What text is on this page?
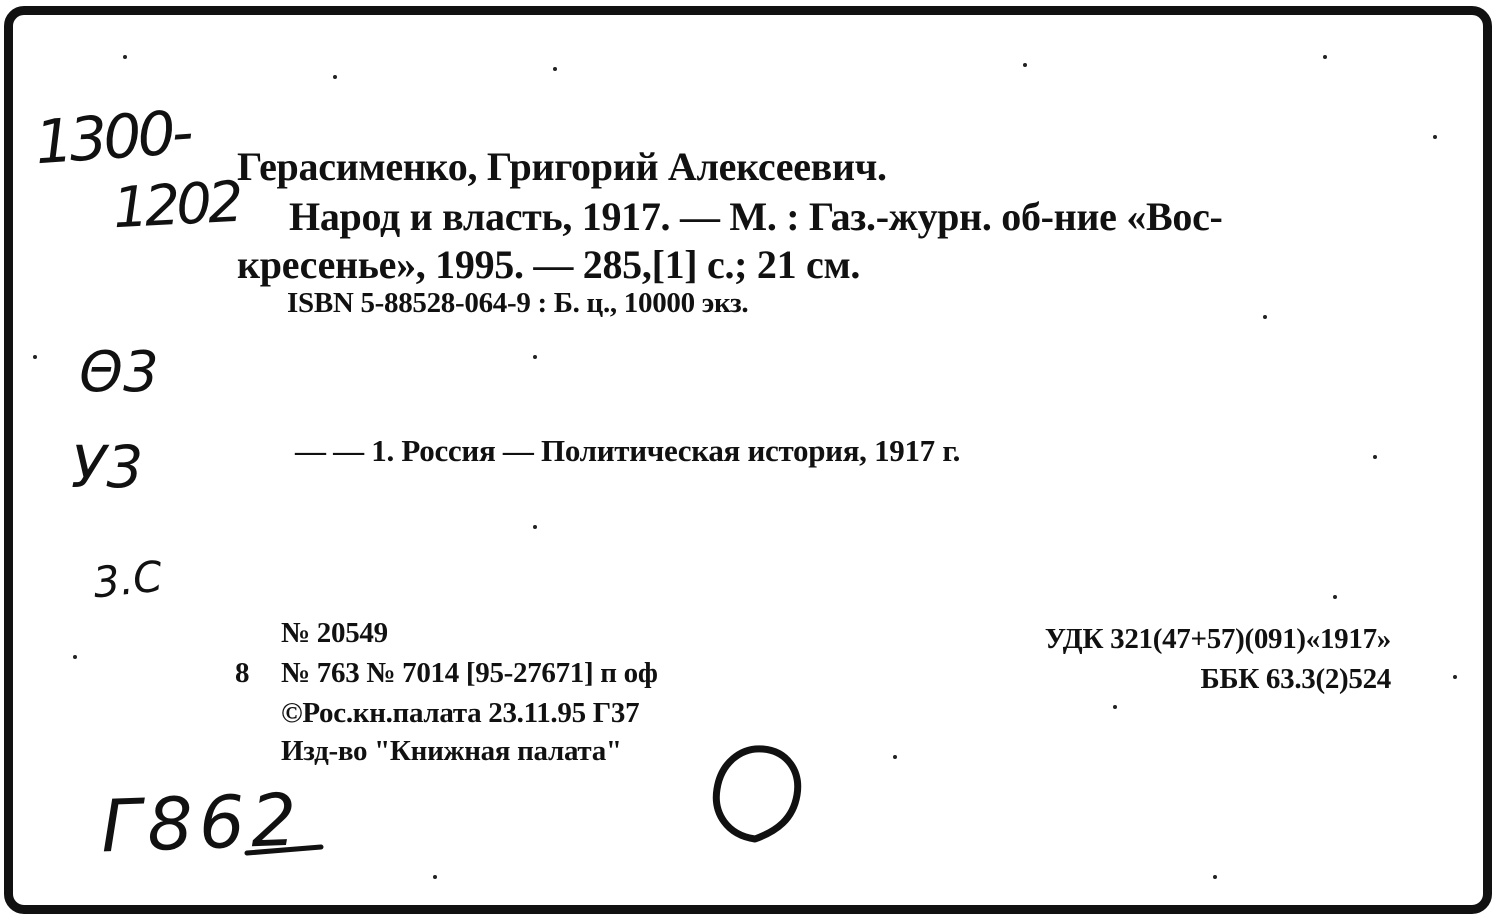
1300-
1202
Θ3
У3
3.С
Герасименко, Григорий Алексеевич.
Народ и власть, 1917. — М. : Газ.-журн. об-ние «Вос-
кресенье», 1995. — 285,[1] с.; 21 см.
ISBN 5-88528-064-9 : Б. ц., 10000 экз.
— — 1. Россия — Политическая история, 1917 г.
№ 20549
8 № 763 № 7014 [95-27671] п оф
©Рос.кн.палата 23.11.95 Г37
Изд-во "Книжная палата"
УДК 321(47+57)(091)«1917»
ББК 63.3(2)524
Г862
